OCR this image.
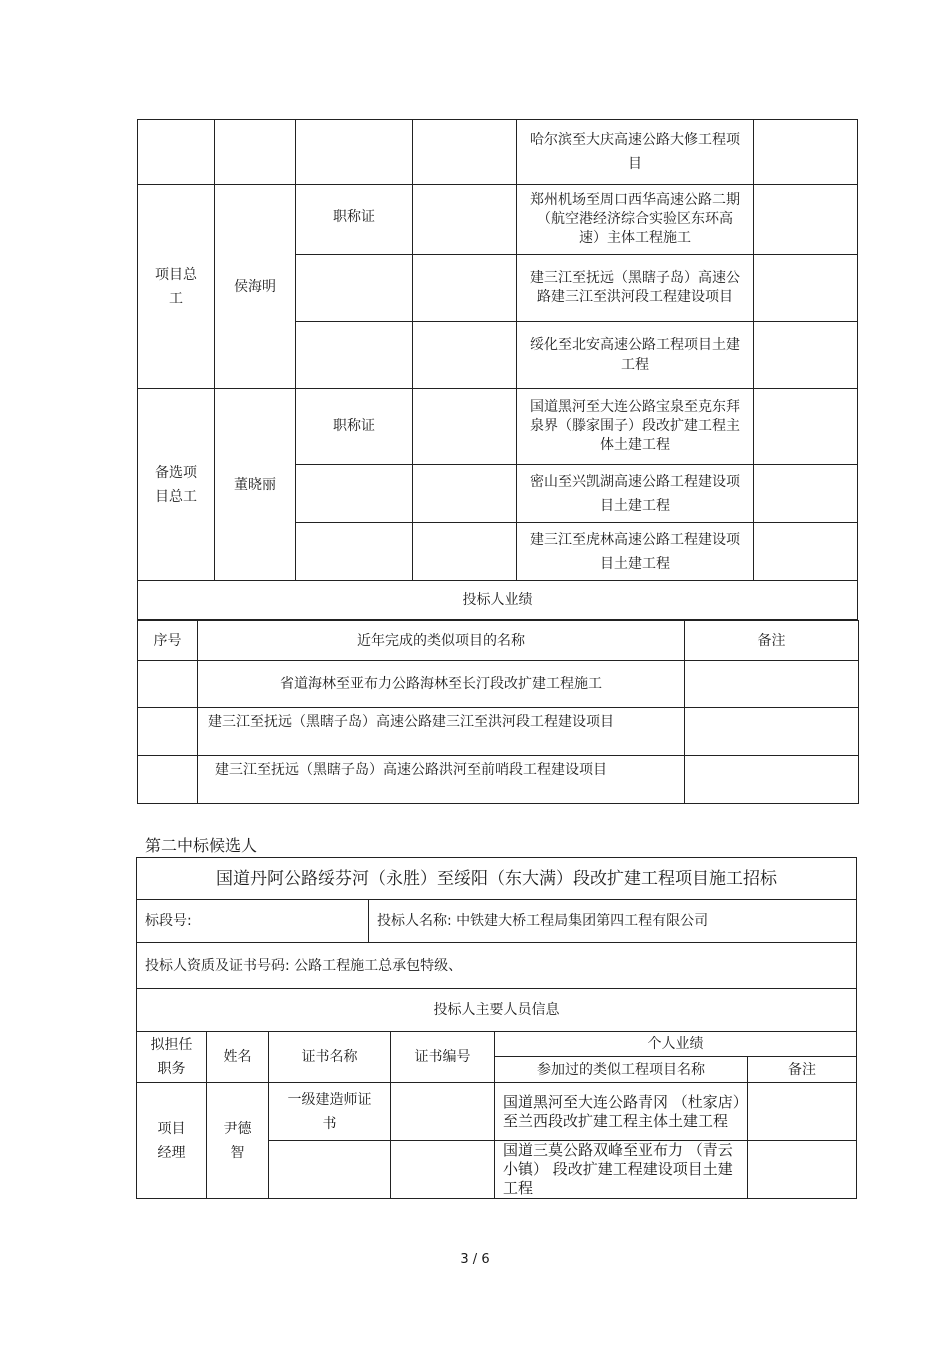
				哈尔滨至大庆高速公路大修工程项目	
项目总工	侯海明	职称证		郑州机场至周口西华高速公路二期（航空港经济综合实验区东环高速）主体工程施工	
				建三江至抚远（黑瞎子岛）高速公路建三江至洪河段工程建设项目	
				绥化至北安高速公路工程项目土建工程	
备选项目总工	董晓丽	职称证		国道黑河至大连公路宝泉至克东拜泉界（滕家围子）段改扩建工程主体土建工程	
				密山至兴凯湖高速公路工程建设项目土建工程	
				建三江至虎林高速公路工程建设项目土建工程	
投标人业绩					
序号	近年完成的类似项目的名称	备注
	省道海林至亚布力公路海林至长汀段改扩建工程施工	
	建三江至抚远（黑瞎子岛）高速公路建三江至洪河段工程建设项目	
	建三江至抚远（黑瞎子岛）高速公路洪河至前哨段工程建设项目	
第二中标候选人
国道丹阿公路绥芬河（永胜）至绥阳（东大满）段改扩建工程项目施工招标
标段号:	投标人名称: 中铁建大桥工程局集团第四工程有限公司
投标人资质及证书号码: 公路工程施工总承包特级、
投标人主要人员信息
拟担任职务	姓名	证书名称	证书编号	个人业绩	
				参加过的类似工程项目名称	备注
项目经理	尹德智	一级建造师证书		国道黑河至大连公路青冈 （杜家店）至兰西段改扩建工程主体土建工程	
				国道三莫公路双峰至亚布力 （青云小镇） 段改扩建工程建设项目土建工程	
3 / 6
